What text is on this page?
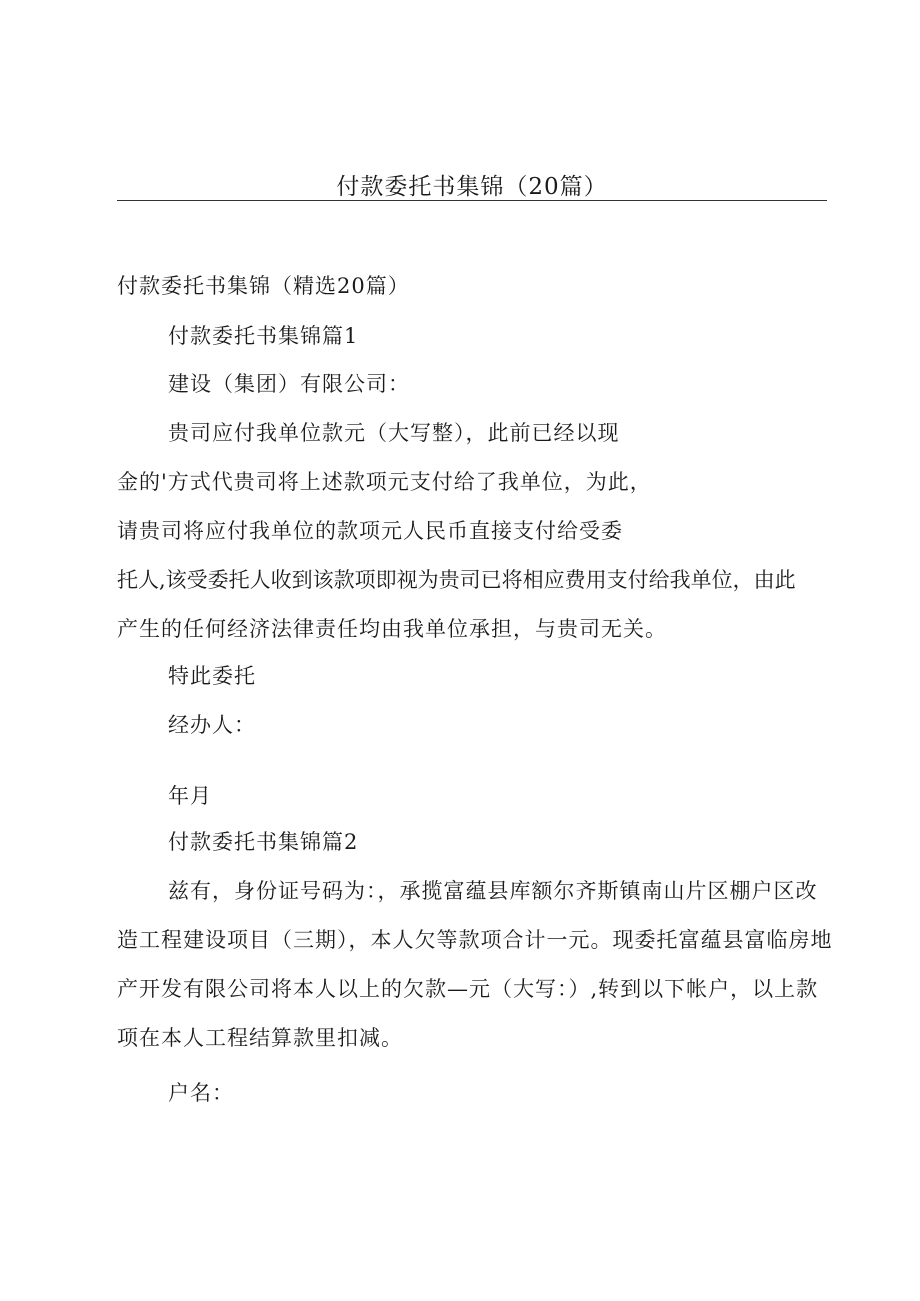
付款委托书集锦（20篇）
付款委托书集锦（精选20篇）
付款委托书集锦篇1
建设（集团）有限公司：
贵司应付我单位款元（大写整），此前已经以现
金的'方式代贵司将上述款项元支付给了我单位，为此，
请贵司将应付我单位的款项元人民币直接支付给受委
托人,该受委托人收到该款项即视为贵司已将相应费用支付给我单位，由此
产生的任何经济法律责任均由我单位承担，与贵司无关。
特此委托
经办人：
年月
付款委托书集锦篇2
兹有，身份证号码为：，承揽富蕴县库额尔齐斯镇南山片区棚户区改
造工程建设项目（三期），本人欠等款项合计一元。现委托富蕴县富临房地
产开发有限公司将本人以上的欠款—元（大写：）,转到以下帐户，以上款
项在本人工程结算款里扣减。
户名：
